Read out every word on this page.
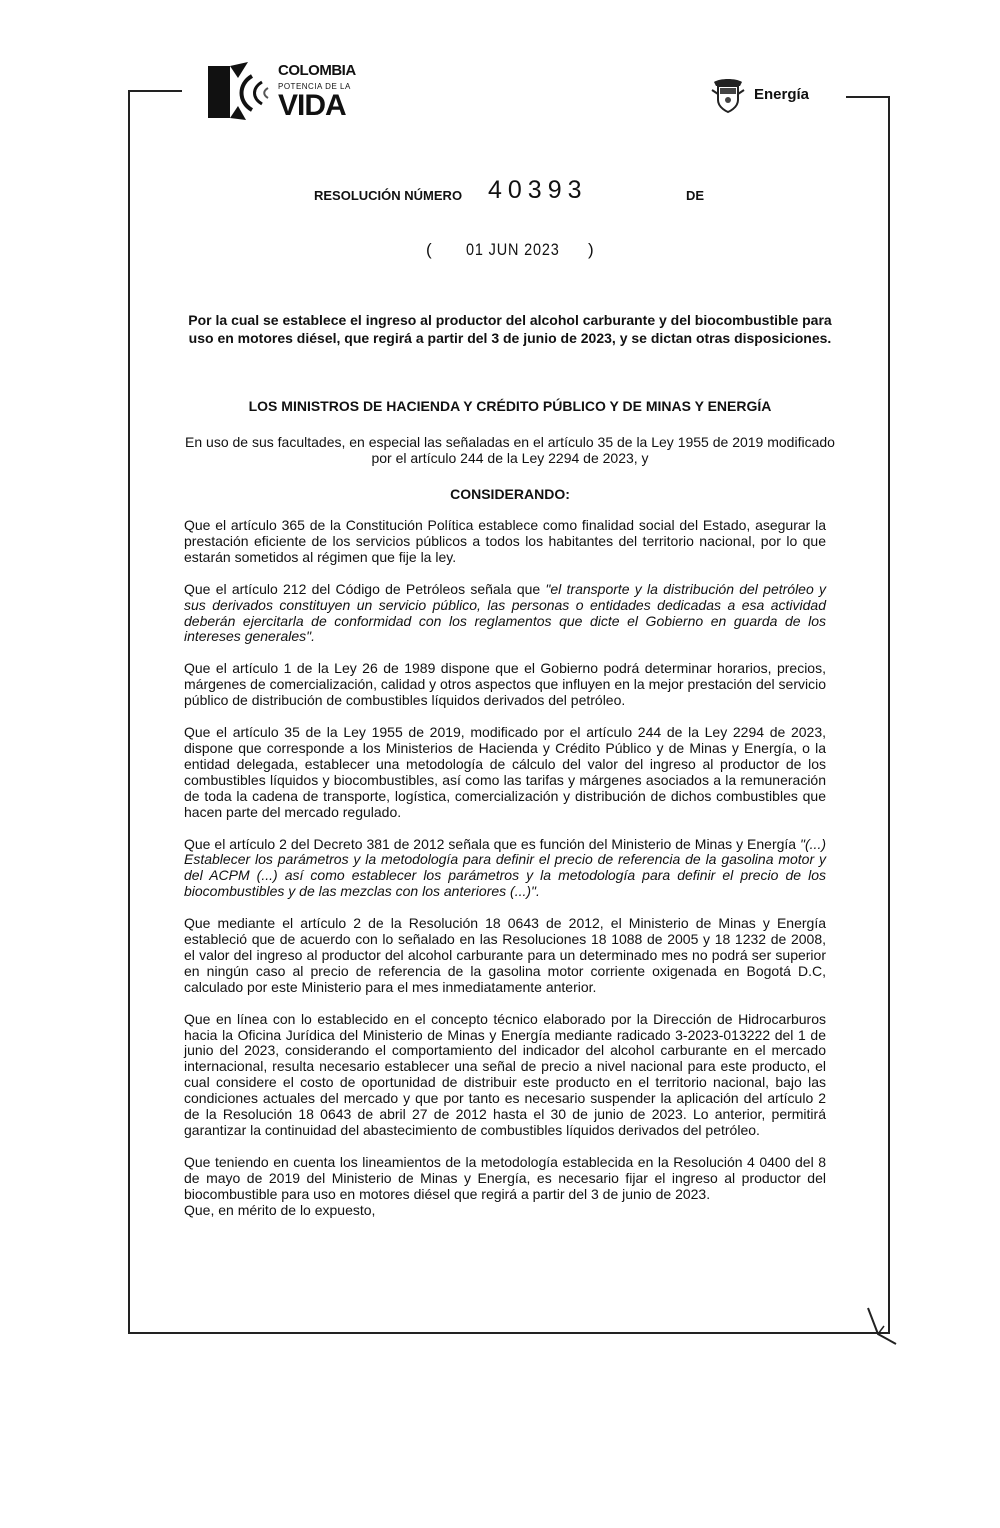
COLOMBIA
POTENCIA DE LA
VIDA	Energía
RESOLUCIÓN NÚMERO 40393	DE
( 01 JUN 2023 )
Por la cual se establece el ingreso al productor del alcohol carburante y del biocombustible para uso en motores diésel, que regirá a partir del 3 de junio de 2023, y se dictan otras disposiciones.
LOS MINISTROS DE HACIENDA Y CRÉDITO PÚBLICO Y DE MINAS Y ENERGÍA
En uso de sus facultades, en especial las señaladas en el artículo 35 de la Ley 1955 de 2019 modificado por el artículo 244 de la Ley 2294 de 2023, y
CONSIDERANDO:

Que el artículo 365 de la Constitución Política establece como finalidad social del Estado, asegurar la prestación eficiente de los servicios públicos a todos los habitantes del territorio nacional, por lo que estarán sometidos al régimen que fije la ley.

Que el artículo 212 del Código de Petróleos señala que "el transporte y la distribución del petróleo y sus derivados constituyen un servicio público, las personas o entidades dedicadas a esa actividad deberán ejercitarla de conformidad con los reglamentos que dicte el Gobierno en guarda de los intereses generales".

Que el artículo 1 de la Ley 26 de 1989 dispone que el Gobierno podrá determinar horarios, precios, márgenes de comercialización, calidad y otros aspectos que influyen en la mejor prestación del servicio público de distribución de combustibles líquidos derivados del petróleo.

Que el artículo 35 de la Ley 1955 de 2019, modificado por el artículo 244 de la Ley 2294 de 2023, dispone que corresponde a los Ministerios de Hacienda y Crédito Público y de Minas y Energía, o la entidad delegada, establecer una metodología de cálculo del valor del ingreso al productor de los combustibles líquidos y biocombustibles, así como las tarifas y márgenes asociados a la remuneración de toda la cadena de transporte, logística, comercialización y distribución de dichos combustibles que hacen parte del mercado regulado.

Que el artículo 2 del Decreto 381 de 2012 señala que es función del Ministerio de Minas y Energía "(...) Establecer los parámetros y la metodología para definir el precio de referencia de la gasolina motor y del ACPM (...) así como establecer los parámetros y la metodología para definir el precio de los biocombustibles y de las mezclas con los anteriores (...)".

Que mediante el artículo 2 de la Resolución 18 0643 de 2012, el Ministerio de Minas y Energía estableció que de acuerdo con lo señalado en las Resoluciones 18 1088 de 2005 y 18 1232 de 2008, el valor del ingreso al productor del alcohol carburante para un determinado mes no podrá ser superior en ningún caso al precio de referencia de la gasolina motor corriente oxigenada en Bogotá D.C, calculado por este Ministerio para el mes inmediatamente anterior.

Que en línea con lo establecido en el concepto técnico elaborado por la Dirección de Hidrocarburos hacia la Oficina Jurídica del Ministerio de Minas y Energía mediante radicado 3-2023-013222 del 1 de junio del 2023, considerando el comportamiento del indicador del alcohol carburante en el mercado internacional, resulta necesario establecer una señal de precio a nivel nacional para este producto, el cual considere el costo de oportunidad de distribuir este producto en el territorio nacional, bajo las condiciones actuales del mercado y que por tanto es necesario suspender la aplicación del artículo 2 de la Resolución 18 0643 de abril 27 de 2012 hasta el 30 de junio de 2023. Lo anterior, permitirá garantizar la continuidad del abastecimiento de combustibles líquidos derivados del petróleo.

Que teniendo en cuenta los lineamientos de la metodología establecida en la Resolución 4 0400 del 8 de mayo de 2019 del Ministerio de Minas y Energía, es necesario fijar el ingreso al productor del biocombustible para uso en motores diésel que regirá a partir del 3 de junio de 2023.

Que, en mérito de lo expuesto,
